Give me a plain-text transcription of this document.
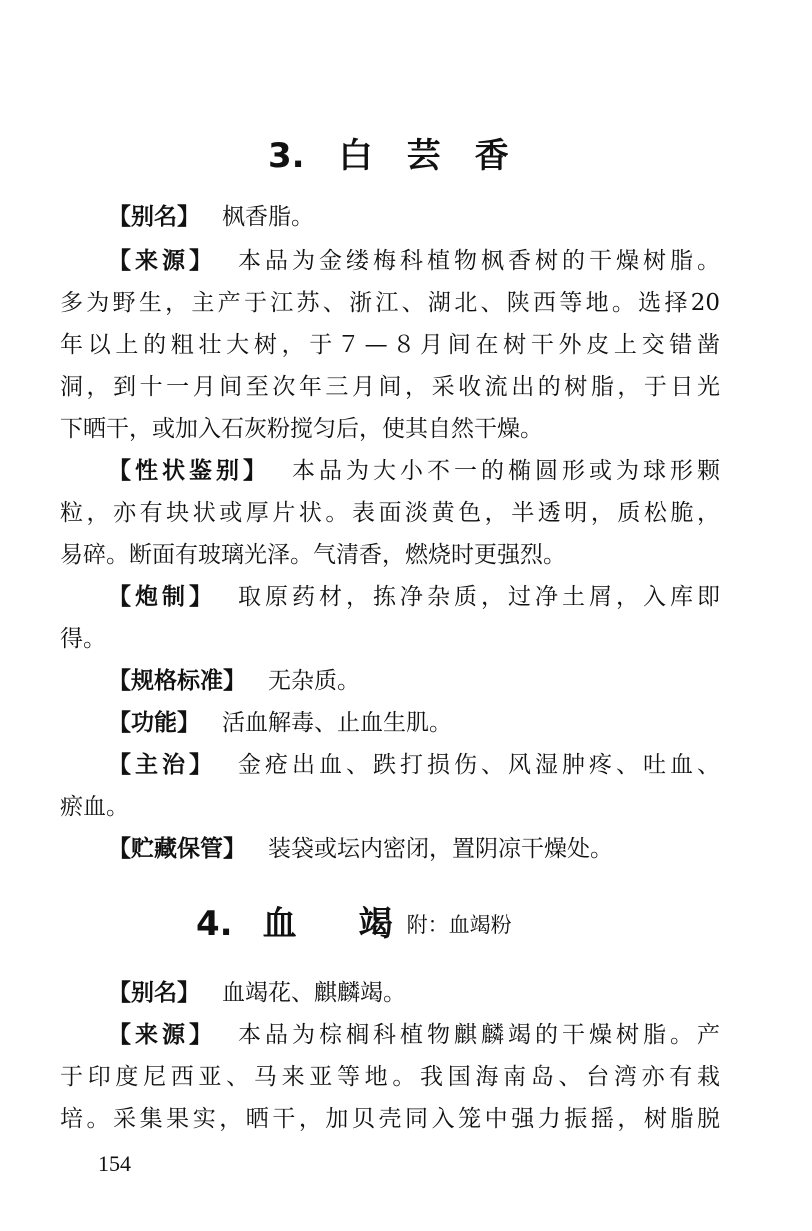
3. 白 芸 香
【别名】 枫香脂。
【来源】 本品为金缕梅科植物枫香树的干燥树脂。
多为野生，主产于江苏、浙江、湖北、陕西等地。选择20
年以上的粗壮大树，于７—８月间在树干外皮上交错凿
洞，到十一月间至次年三月间，采收流出的树脂，于日光
下晒干，或加入石灰粉搅匀后，使其自然干燥。
【性状鉴别】 本品为大小不一的椭圆形或为球形颗
粒，亦有块状或厚片状。表面淡黄色，半透明，质松脆，
易碎。断面有玻璃光泽。气清香，燃烧时更强烈。
【炮制】 取原药材，拣净杂质，过净土屑，入库即
得。
【规格标准】 无杂质。
【功能】 活血解毒、止血生肌。
【主治】 金疮出血、跌打损伤、风湿肿疼、吐血、
瘀血。
【贮藏保管】 装袋或坛内密闭，置阴凉干燥处。
4. 血 竭 附：血竭粉
【别名】 血竭花、麒麟竭。
【来源】 本品为棕榈科植物麒麟竭的干燥树脂。产
于印度尼西亚、马来亚等地。我国海南岛、台湾亦有栽
培。采集果实，晒干，加贝壳同入笼中强力振摇，树脂脱
154
